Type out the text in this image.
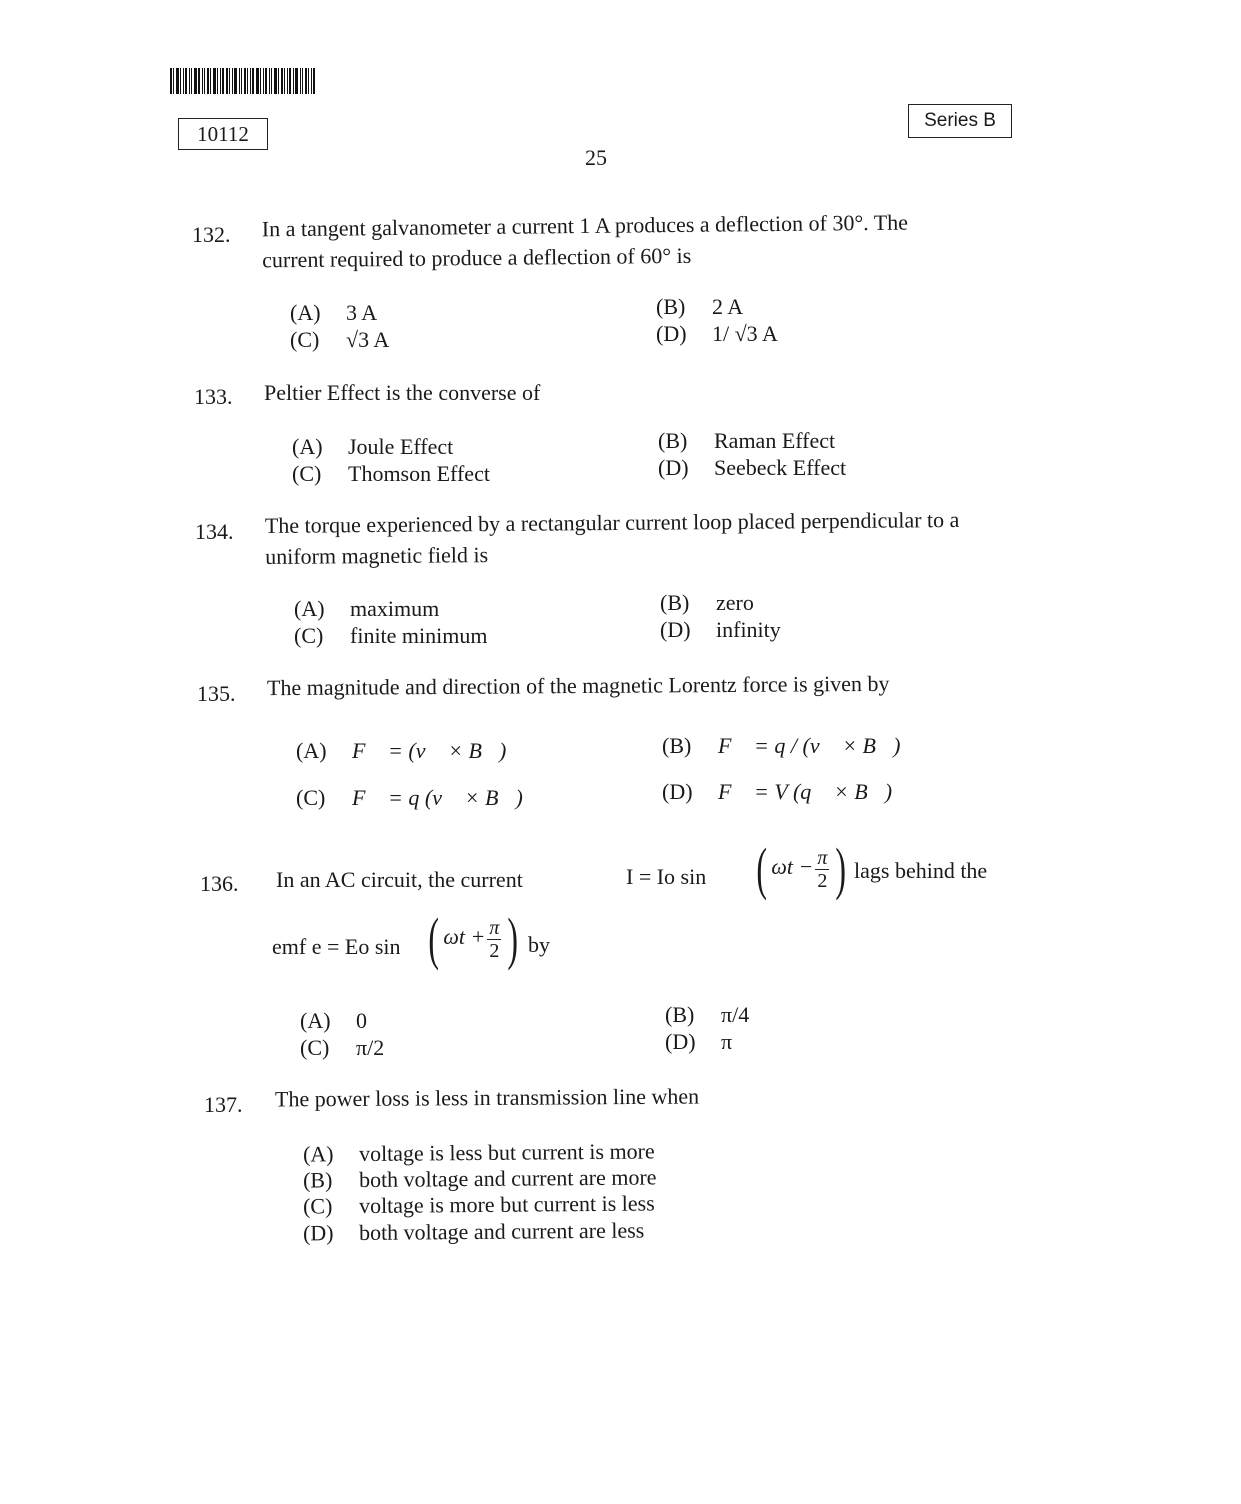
10112
Series B
25
132. In a tangent galvanometer a current 1 A produces a deflection of 30°. The
current required to produce a deflection of 60° is
(A) 3 A	(B) 2 A
(C) √3 A	(D) 1/ √3 A
133. Peltier Effect is the converse of
(A) Joule Effect	(B) Raman Effect
(C) Thomson Effect	(D) Seebeck Effect
134. The torque experienced by a rectangular current loop placed perpendicular to a
uniform magnetic field is
(A) maximum	(B) zero
(C) finite minimum	(D) infinity
135. The magnitude and direction of the magnetic Lorentz force is given by
(A) F⃗ = (v⃗ × B⃗)	(B) F⃗ = q / (v⃗ × B⃗)
(C) F⃗ = q (v⃗ × B⃗)	(D) F⃗ = V (q⃗ × B⃗)
136. In an AC circuit, the current	I = Io sin ( $\omega t - \frac{\pi}{2}$ ) lags behind the
emf e = Eo sin ( $\omega t + \frac{\pi}{2}$ ) by
(A) 0	(B) π/4
(C) π/2	(D) π
137. The power loss is less in transmission line when
(A) voltage is less but current is more
(B) both voltage and current are more
(C) voltage is more but current is less
(D) both voltage and current are less
